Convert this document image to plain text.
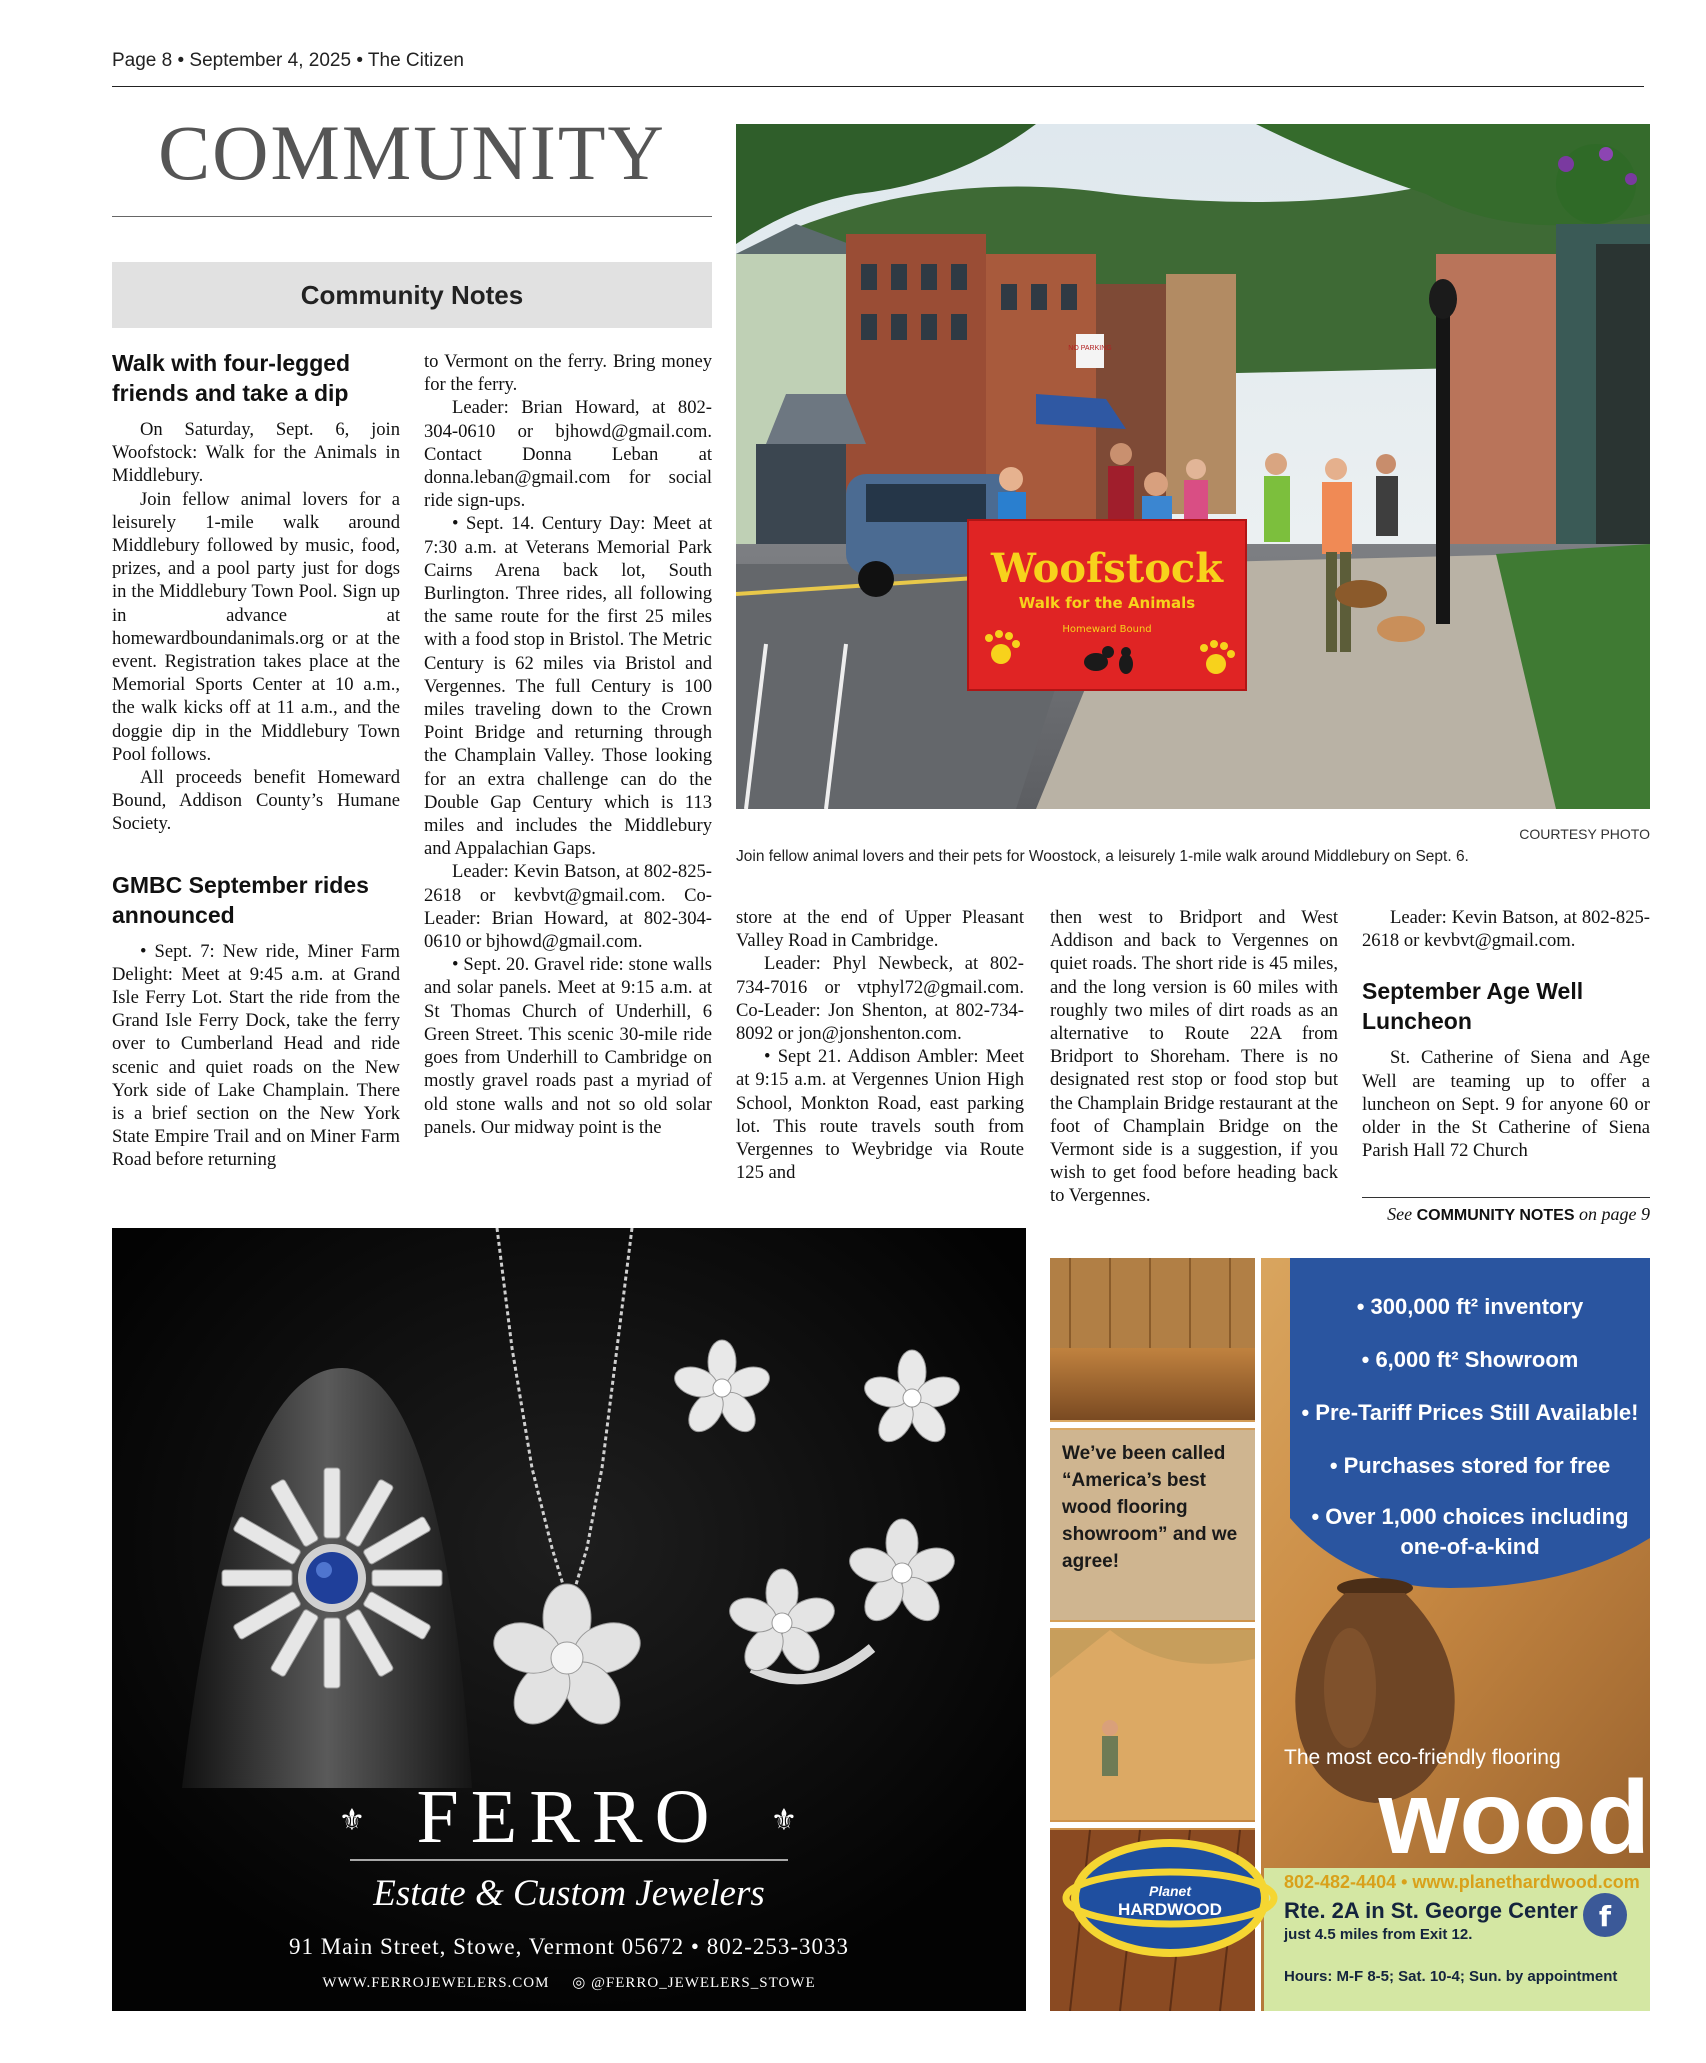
Page 8 • September 4, 2025 • The Citizen
COMMUNITY
Community Notes
Walk with four-legged friends and take a dip

On Saturday, Sept. 6, join Woofstock: Walk for the Animals in Middlebury.

Join fellow animal lovers for a leisurely 1-mile walk around Middlebury followed by music, food, prizes, and a pool party just for dogs in the Middlebury Town Pool. Sign up in advance at homewardboundanimals.org or at the event. Registration takes place at the Memorial Sports Center at 10 a.m., the walk kicks off at 11 a.m., and the doggie dip in the Middlebury Town Pool follows.

All proceeds benefit Homeward Bound, Addison County’s Humane Society.

GMBC September rides announced

• Sept. 7: New ride, Miner Farm Delight: Meet at 9:45 a.m. at Grand Isle Ferry Lot. Start the ride from the Grand Isle Ferry Dock, take the ferry over to Cumberland Head and ride scenic and quiet roads on the New York side of Lake Champlain. There is a brief section on the New York State Empire Trail and on Miner Farm Road before returning

to Vermont on the ferry. Bring money for the ferry.

Leader: Brian Howard, at 802-304-0610 or bjhowd@gmail.com. Contact Donna Leban at donna.leban@gmail.com for social ride sign-ups.

• Sept. 14. Century Day: Meet at 7:30 a.m. at Veterans Memorial Park Cairns Arena back lot, South Burlington. Three rides, all following the same route for the first 25 miles with a food stop in Bristol. The Metric Century is 62 miles via Bristol and Vergennes. The full Century is 100 miles traveling down to the Crown Point Bridge and returning through the Champlain Valley. Those looking for an extra challenge can do the Double Gap Century which is 113 miles and includes the Middlebury and Appalachian Gaps.

Leader: Kevin Batson, at 802-825-2618 or kevbvt@gmail.com. Co-Leader: Brian Howard, at 802-304-0610 or bjhowd@gmail.com.

• Sept. 20. Gravel ride: stone walls and solar panels. Meet at 9:15 a.m. at St Thomas Church of Underhill, 6 Green Street. This scenic 30-mile ride goes from Underhill to Cambridge on mostly gravel roads past a myriad of old stone walls and not so old solar panels. Our midway point is the

NO PARKING
Woofstock
Walk for the Animals
Homeward Bound
COURTESY PHOTO
Join fellow animal lovers and their pets for Woostock, a leisurely 1-mile walk around Middlebury on Sept. 6.

store at the end of Upper Pleasant Valley Road in Cambridge.

Leader: Phyl Newbeck, at 802-734-7016 or vtphyl72@gmail.com. Co-Leader: Jon Shenton, at 802-734-8092 or jon@jonshenton.com.

• Sept 21. Addison Ambler: Meet at 9:15 a.m. at Vergennes Union High School, Monkton Road, east parking lot. This route travels south from Vergennes to Weybridge via Route 125 and

then west to Bridport and West Addison and back to Vergennes on quiet roads. The short ride is 45 miles, and the long version is 60 miles with roughly two miles of dirt roads as an alternative to Route 22A from Bridport to Shoreham. There is no designated rest stop or food stop but the Champlain Bridge restaurant at the foot of Champlain Bridge on the Vermont side is a suggestion, if you wish to get food before heading back to Vergennes.

Leader: Kevin Batson, at 802-825-2618 or kevbvt@gmail.com.

September Age Well Luncheon

St. Catherine of Siena and Age Well are teaming up to offer a luncheon on Sept. 9 for anyone 60 or older in the St Catherine of Siena Parish Hall 72 Church

See COMMUNITY NOTES on page 9
⚜	⚜
FERRO
Estate & Custom Jewelers
91 Main Street, Stowe, Vermont 05672 • 802-253-3033
WWW.FERROJEWELERS.COM ◎ @FERRO_JEWELERS_STOWE
f
• 300,000 ft² inventory
• 6,000 ft² Showroom
• Pre-Tariff Prices Still Available!
• Purchases stored for free
• Over 1,000 choices including one-of-a-kind
We’ve been called “America’s best wood flooring showroom” and we agree!
The most eco-friendly flooring
wood
Planet
HARDWOOD
802-482-4404 • www.planethardwood.com
Rte. 2A in St. George Center
just 4.5 miles from Exit 12.
Hours: M-F 8-5; Sat. 10-4; Sun. by appointment
